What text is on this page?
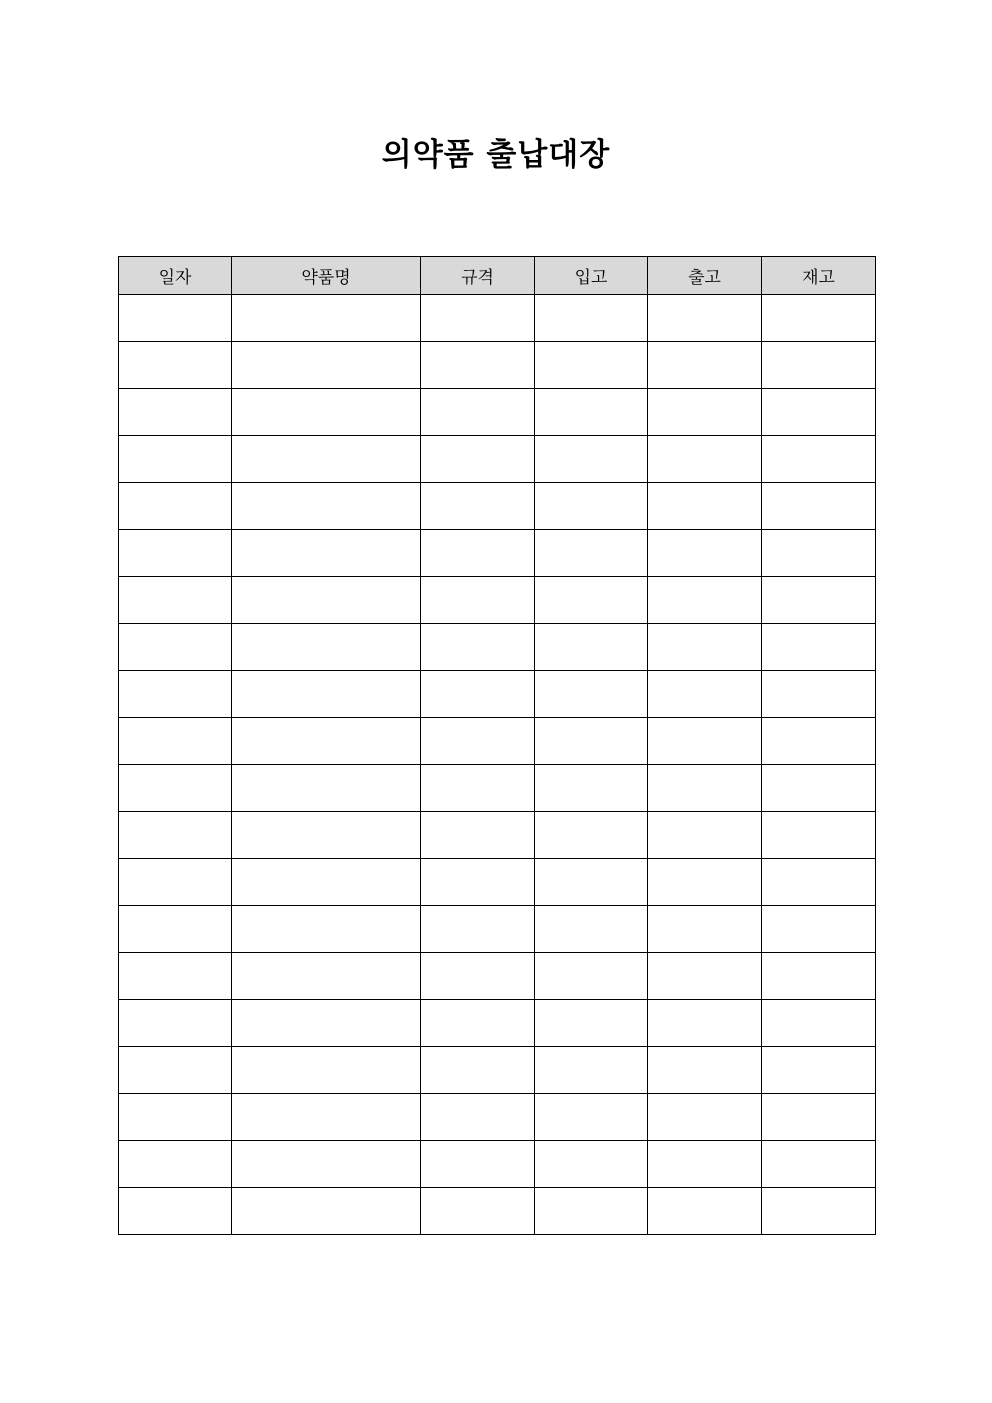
의약품 출납대장
일자	약품명	규격	입고	출고	재고
